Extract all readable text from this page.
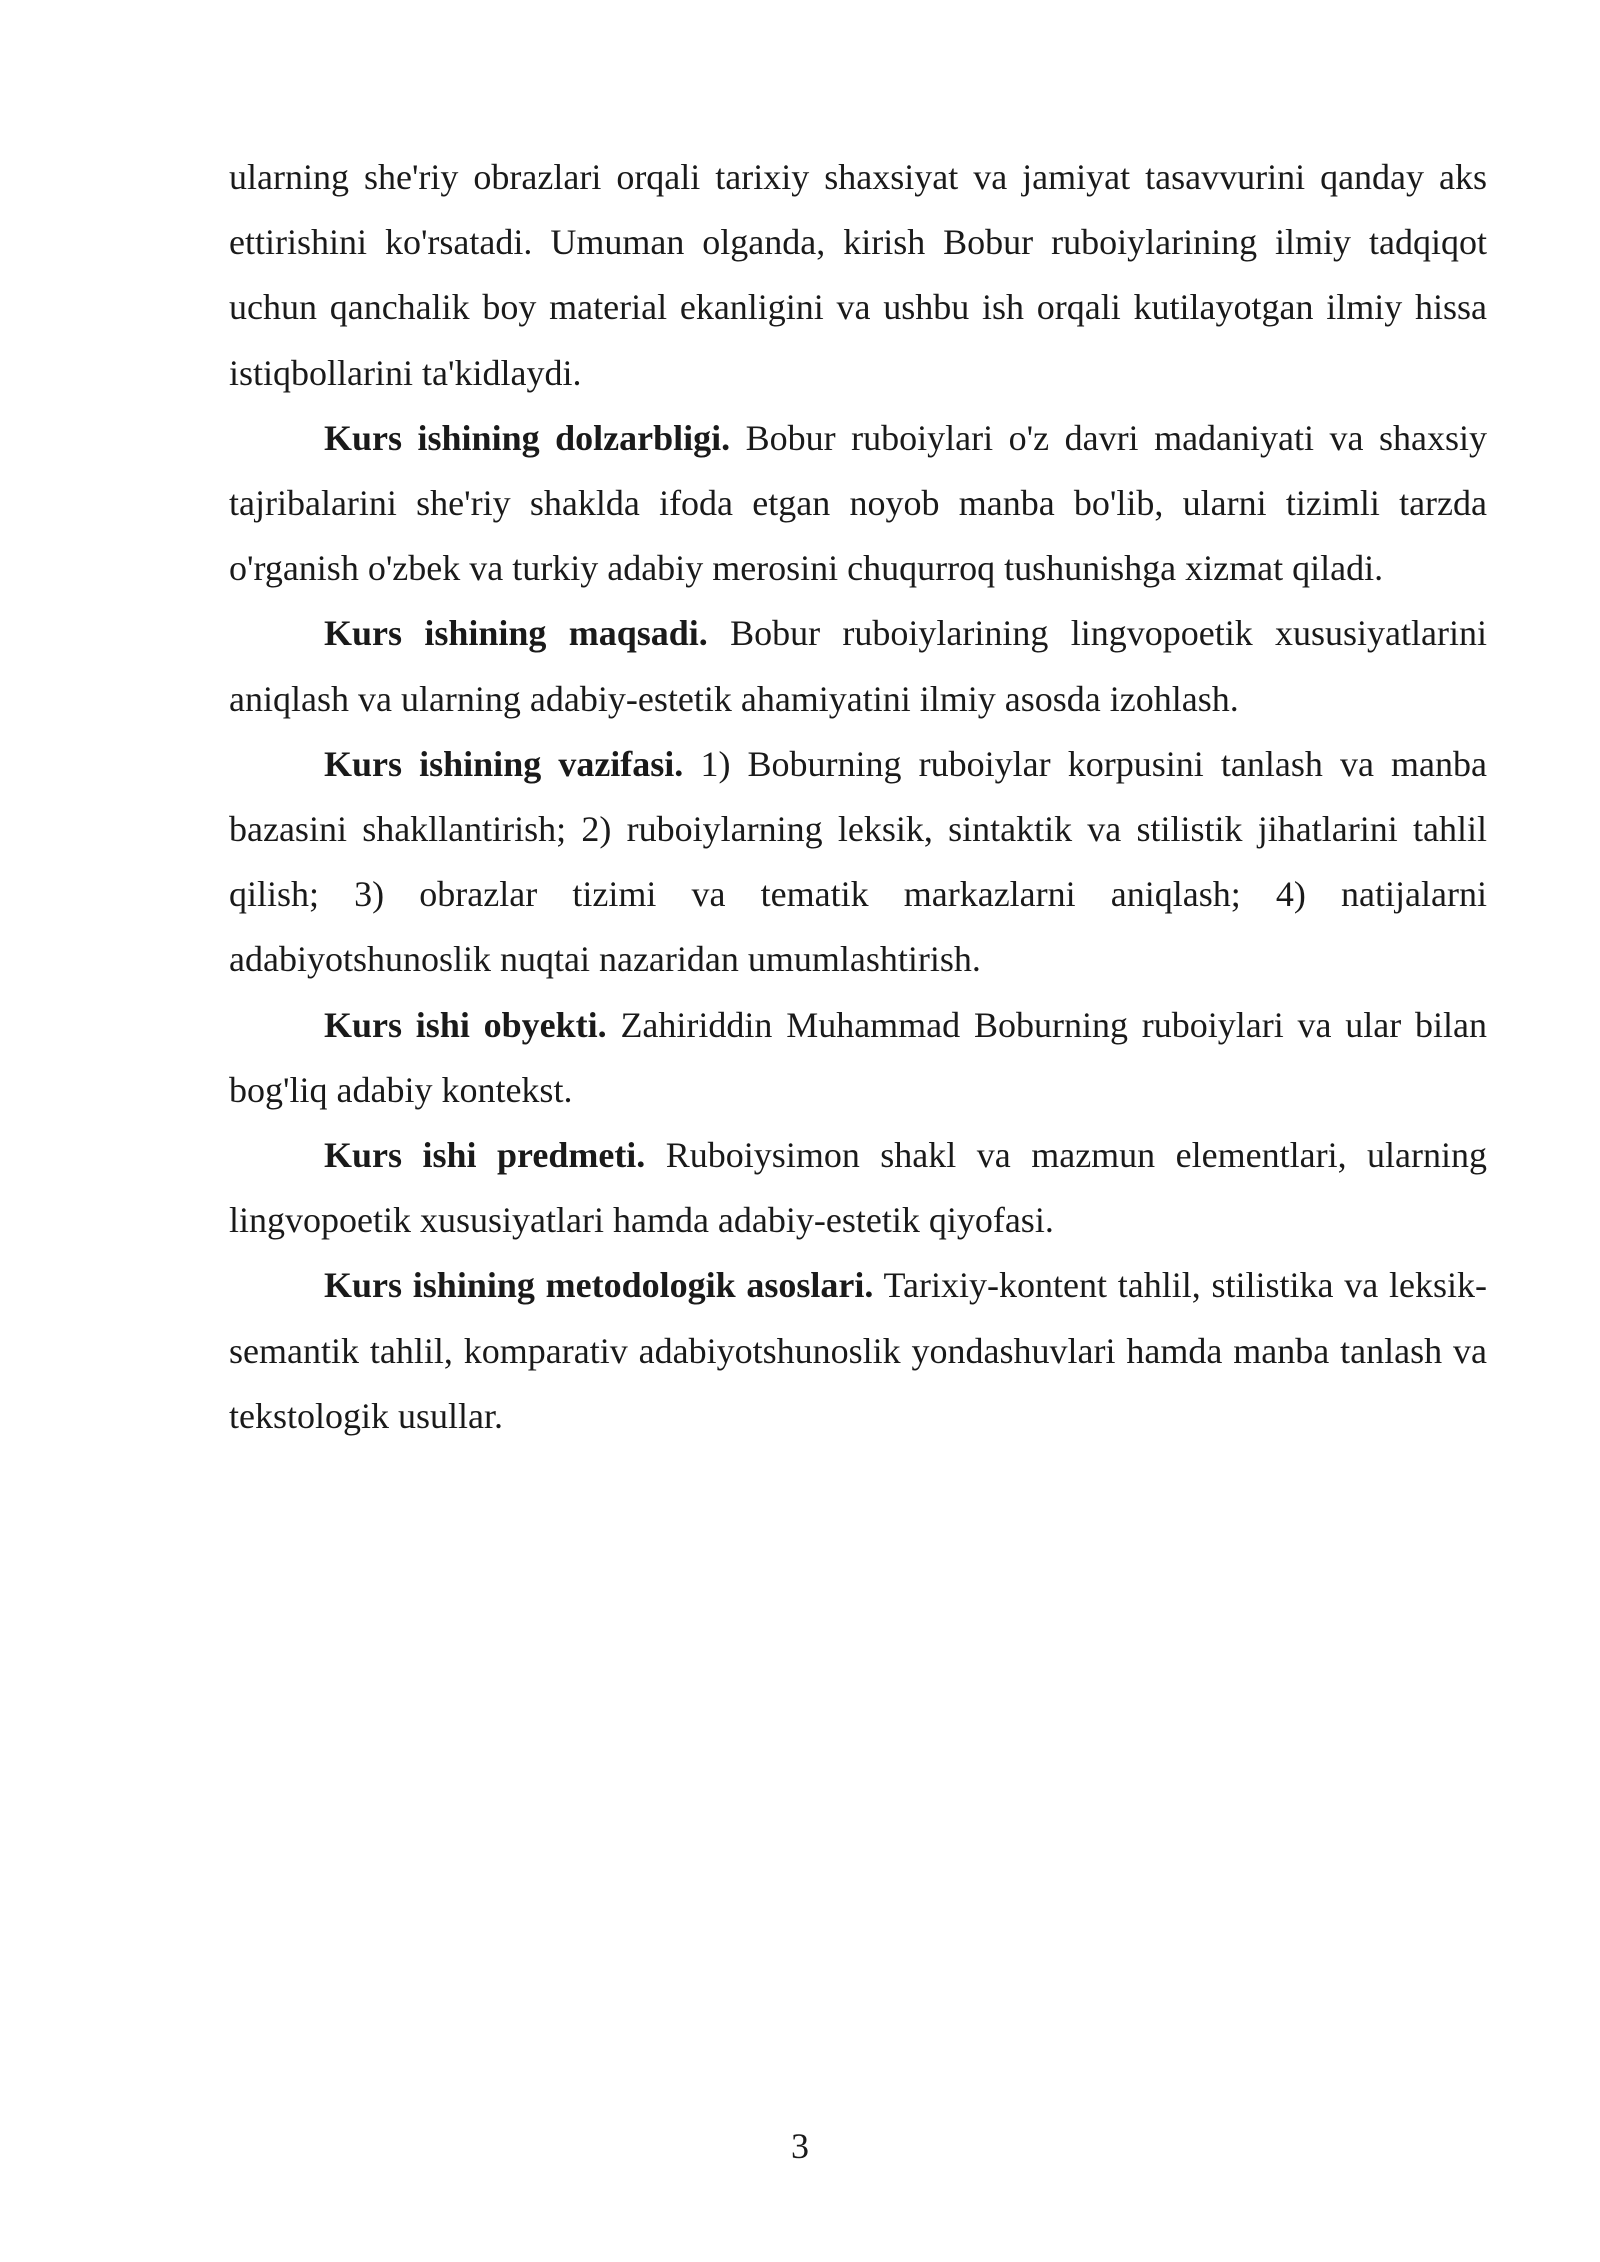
ularning she'riy obrazlari orqali tarixiy shaxsiyat va jamiyat tasavvurini qanday aks ettirishini ko'rsatadi. Umuman olganda, kirish Bobur ruboiylarining ilmiy tadqiqot uchun qanchalik boy material ekanligini va ushbu ish orqali kutilayotgan ilmiy hissa istiqbollarini ta'kidlaydi.

Kurs ishining dolzarbligi. Bobur ruboiylari o'z davri madaniyati va shaxsiy tajribalarini she'riy shaklda ifoda etgan noyob manba bo'lib, ularni tizimli tarzda o'rganish o'zbek va turkiy adabiy merosini chuqurroq tushunishga xizmat qiladi.

Kurs ishining maqsadi. Bobur ruboiylarining lingvopoetik xususiyatlarini aniqlash va ularning adabiy-estetik ahamiyatini ilmiy asosda izohlash.

Kurs ishining vazifasi. 1) Boburning ruboiylar korpusini tanlash va manba bazasini shakllantirish; 2) ruboiylarning leksik, sintaktik va stilistik jihatlarini tahlil qilish; 3) obrazlar tizimi va tematik markazlarni aniqlash; 4) natijalarni adabiyotshunoslik nuqtai nazaridan umumlashtirish.

Kurs ishi obyekti. Zahiriddin Muhammad Boburning ruboiylari va ular bilan bog'liq adabiy kontekst.

Kurs ishi predmeti. Ruboiysimon shakl va mazmun elementlari, ularning lingvopoetik xususiyatlari hamda adabiy-estetik qiyofasi.

Kurs ishining metodologik asoslari. Tarixiy-kontent tahlil, stilistika va leksik-semantik tahlil, komparativ adabiyotshunoslik yondashuvlari hamda manba tanlash va tekstologik usullar.

3
